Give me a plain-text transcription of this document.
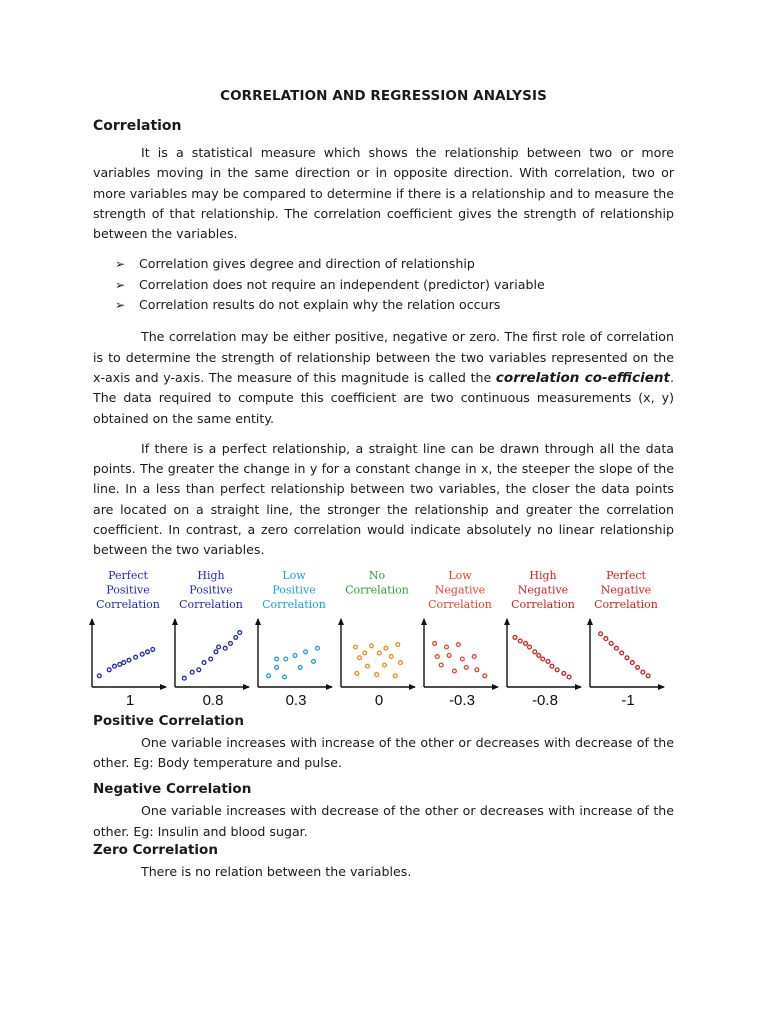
CORRELATION AND REGRESSION ANALYSIS
Correlation

It is a statistical measure which shows the relationship between two or more variables moving in the same direction or in opposite direction. With correlation, two or more variables may be compared to determine if there is a relationship and to measure the strength of that relationship. The correlation coefficient gives the strength of relationship between the variables.

➢ Correlation gives degree and direction of relationship
➢ Correlation does not require an independent (predictor) variable
➢ Correlation results do not explain why the relation occurs

The correlation may be either positive, negative or zero. The first role of correlation is to determine the strength of relationship between the two variables represented on the x-axis and y-axis. The measure of this magnitude is called the correlation co-efficient. The data required to compute this coefficient are two continuous measurements (x, y) obtained on the same entity.

If there is a perfect relationship, a straight line can be drawn through all the data points. The greater the change in y for a constant change in x, the steeper the slope of the line. In a less than perfect relationship between two variables, the closer the data points are located on a straight line, the stronger the relationship and greater the correlation coefficient. In contrast, a zero correlation would indicate absolutely no linear relationship between the two variables.

Perfect
Positive
Correlation
1
High
Positive
Correlation
0.8
Low
Positive
Correlation
0.3
No
Correlation
0
Low
Negative
Correlation
-0.3
High
Negative
Correlation
-0.8
Perfect
Negative
Correlation
-1
Positive Correlation

One variable increases with increase of the other or decreases with decrease of the other. Eg: Body temperature and pulse.

Negative Correlation

One variable increases with decrease of the other or decreases with increase of the other. Eg: Insulin and blood sugar.

Zero Correlation

There is no relation between the variables.
